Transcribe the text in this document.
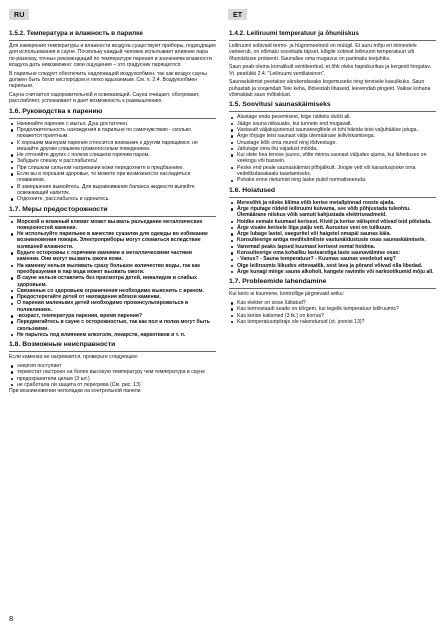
RU	ET
1.5.2. Температура и влажность в парилке

Для измерения температуры и влажности воздуха существуют приборы, подходящие для использования в сауне. Поскольку каждый человек испытывает влияние пара по-разному, точных рекомендаций по температуре парения и значениям влажности воздуха дать невозможно: свои ощущения – это градусник парящегося.

В парильне следует обеспечить надлежащий воздухообмен, так как воздух сауны должен быть богат кислородом и легко вдыхаемым. См. п. 2.4. Воздухообмен парильни.

Сауна считается оздоровительной и освежающей. Сауна очищает, обогревает, расслабляет, успокаивает и дает возможность к размышлению.

1.6. Руководства к парению
Начинайте парение с мытья. Душ достаточен.
Продолжительность нахождения в парильне по самочувствию - сколько покажется приятным.
К хорошим манерам парения относится внимание к другим парящимся: не мешайте другим слишком громкогосолым поведением.
Не отгоняйте других с полков слишком горячим паром.
Забудьте спешку и расслабьтесь!
При слишком сильном нагревании кожи передохните в предбаннике.
Если вы в хорошем здоровье, то можете при возможности насладиться плаванием.
В завершение вымойтесь. Для выравнивания баланса жидкости выпейте освежающий напиток.
Отдохните, расслабьтесь и оденьтесь.
1.7. Меры предосторожности
Морской и влажный климат может вызвать разъедание металлических поверхностей каменки.
Не используйте парильню в качестве сушилки для одежды во избежание возникновения пожара. Электроприборы могут сломаться вследствие излишней влажности.
Будьте осторожны с горячими камнями и металлическими частями каменки. Они могут вызвать ожоги кожи.
На каменку нельзя выливать сразу большое количество воды, так как преобразуемая в пар вода может вызвать ожоги.
В сауне нельзя оставлять без присмотра детей, инвалидов и слабых здоровьем.
Связанные со здоровьем ограничения необходимо выяснить с врачом.
Предостерегайте детей от нахождения вблизи каменки.
О парении маленьких детей необходимо проконсультироваться в поликлинике.
-возраст, температура парения, время парения?
Передвигайтесь в сауне с осторожностью, так как пол и полки могут быть скользкими.
Не парьтесь под влиянием алкоголя, лекарств, наркотиков и т. п.
1.8. Возможные неисправности

Если каменка не нагревается, проверьте следующее:

энергия поступает
термостат настроен на более высокую температуру чем температура в сауне
предохранители целые (3 шт.)
не сработала ли защита от перегрева (См. рис. 13)

При возникновении неполадки на контрольной панели

1.4.2. Leiliruumi temperatuur ja õhuniiskus

Leiliruumi sobivaid termo- ja hügromeetreid on müügil. Et auru mõju eri inimestele varieerub, on võimatu soovitada täpset, kõigile sobivat leiliruumi temperatuuri või õhuniiskuse protsenti. Saunalise oma mugavus on parimaks teejuhiks.

Saun peab olema korralikult ventileeritud, et õhk oleks hapnikurikas ja kergesti hingatav. Vt. peatükki 2.4. "Leiliruumi ventilatsioon".

Saunaskäimist peetakse värskendavaks kogemuseks ning tervisele kasulikuks. Saun puhastab ja soojendab Teie keha, lõdvestab lihaseid, leevendab pingeid. Vaikse kohana võimaldab saun mõtisklust.

1.5. Soovitusi saunaskäimiseks
Alustage enda pesemisest, kiige näiteks dušši all.
Jääge sauna niikauaks, kui tunnete end mugavalt.
Vastavalt väljakujunenud saunareeglitele ei tohi häirida teisi valjuhäälse jutuga.
Ärge tõrjuge teisi saunast välja ülemäärase leiliviskamisega.
Unustage kõik oma mured ning lõdvestuge.
Jahutage oma ihu vajadust mööda.
Kui olete hea tervise juures, võite minna saunast väljudes ujuma, kui läheduses on veekogu või bassein.
Peske end peale saunaskäimist põhjalikult. Joogie vett või karastusjooke oma vedelikutasakaalu taastamiseks.
Puhake enne riietumist ning laske pulsil normaliseeruda.
1.6. Hoiatused
Meresõhk ja niiske kliima võib kerise metallpinnad rooste ajada.
Ärge riputage riideid leiliruumi kuivama, see võib põhjustada tuleohtu. Ülemäärane niiskus võib samuti kahjustada elektriseadmeid.
Hoidke eemale kuumast kerisest. Kivid ja kerise välispind võivad teid põletada.
Ärge visake kerisele liiga palju vett. Aurustuv vesi on tulikuum.
Ärge lubage lastel, vaeguritel või haigetel omapäi saunas käia.
Konsulteerige antiga meditsiiniliste vastunäidustuste osas saunaskäimisele.
Vanemad peaks lapsed kuumast kerisest eemal hoidma.
Konsulteerige oma kohaliku lastearstiga laste saunavälmise osas:
- Vanus? - Sauna temperatuur? - Kuumas saunas veedetud aeg?
Olge leiliruumis liikudes ettevaatlik, sest lava ja põrand võivad olla libedad.
Ärge kunagi minge sauna alkoholi, kangete ravimite või narkootikumid mõju all.
1.7. Probleemide lahendamine

Kui keris ei kuumene, kontrollige järgnevaid seiku:

Kas elekter on sisse lülitatud?
Kas termostaadi seade on kõrgem, kui tegelik temperatuur leiliruumis?
Kas kerise kaitsmed (3 tk.) on korras?
Kas temperatuuripiiraje ole rakendunud (vt. joonist 13)?
8
